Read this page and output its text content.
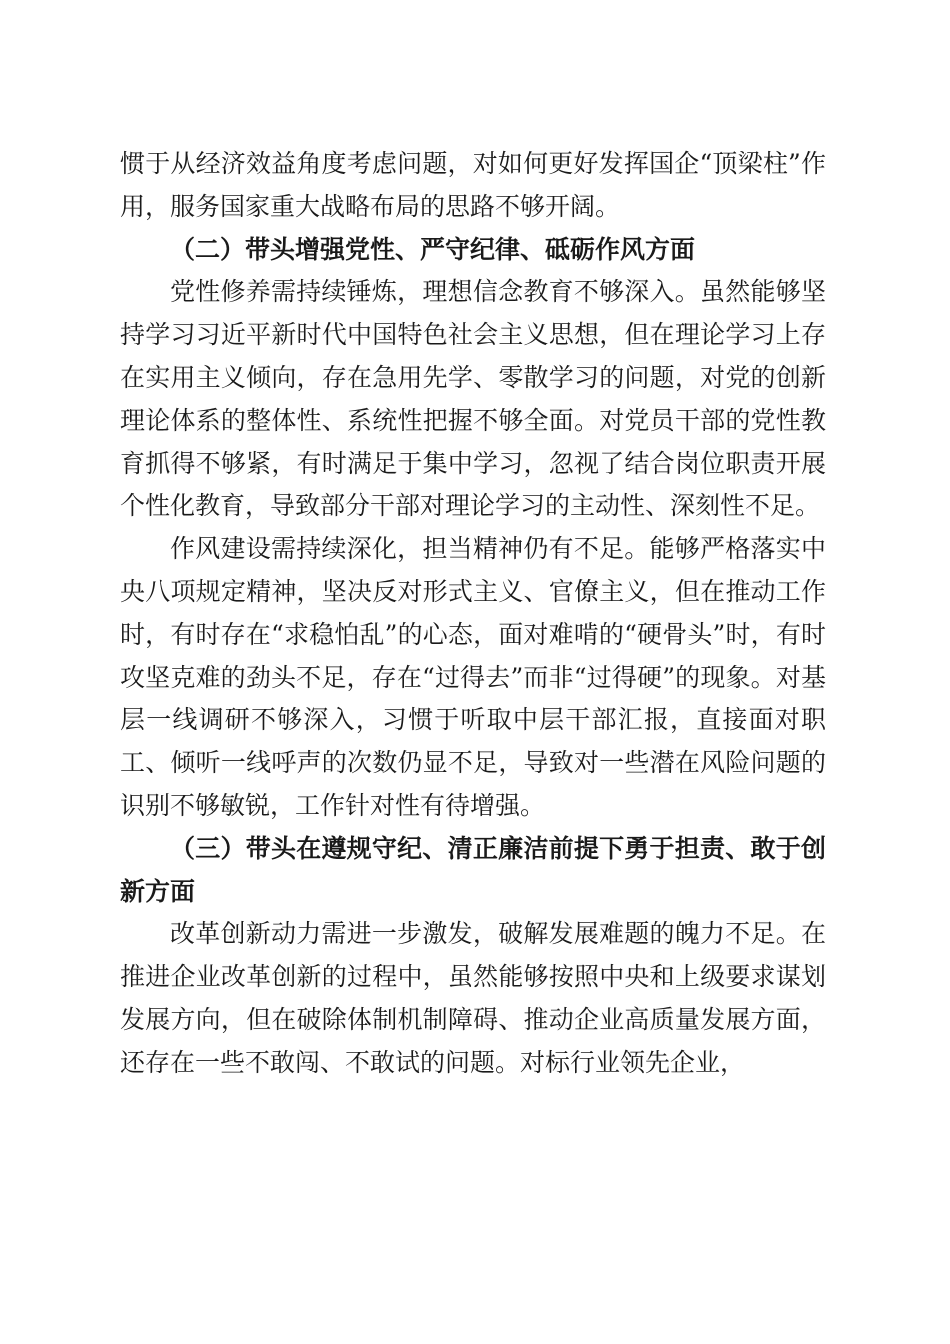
惯于从经济效益角度考虑问题，对如何更好发挥国企“顶梁柱”作用，服务国家重大战略布局的思路不够开阔。

（二）带头增强党性、严守纪律、砥砺作风方面

党性修养需持续锤炼，理想信念教育不够深入。虽然能够坚持学习习近平新时代中国特色社会主义思想，但在理论学习上存在实用主义倾向，存在急用先学、零散学习的问题，对党的创新理论体系的整体性、系统性把握不够全面。对党员干部的党性教育抓得不够紧，有时满足于集中学习，忽视了结合岗位职责开展个性化教育，导致部分干部对理论学习的主动性、深刻性不足。

作风建设需持续深化，担当精神仍有不足。能够严格落实中央八项规定精神，坚决反对形式主义、官僚主义，但在推动工作时，有时存在“求稳怕乱”的心态，面对难啃的“硬骨头”时，有时攻坚克难的劲头不足，存在“过得去”而非“过得硬”的现象。对基层一线调研不够深入，习惯于听取中层干部汇报，直接面对职工、倾听一线呼声的次数仍显不足，导致对一些潜在风险问题的识别不够敏锐，工作针对性有待增强。

（三）带头在遵规守纪、清正廉洁前提下勇于担责、敢于创新方面

改革创新动力需进一步激发，破解发展难题的魄力不足。在推进企业改革创新的过程中，虽然能够按照中央和上级要求谋划发展方向，但在破除体制机制障碍、推动企业高质量发展方面，还存在一些不敢闯、不敢试的问题。对标行业领先企业，
